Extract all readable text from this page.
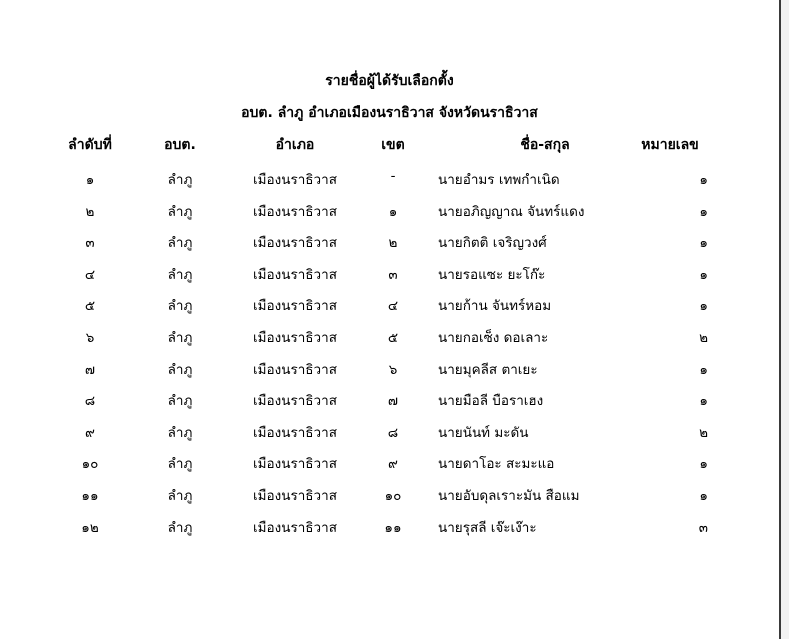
รายชื่อผู้ได้รับเลือกตั้ง
อบต. ลำภู อำเภอเมืองนราธิวาส จังหวัดนราธิวาส
ลำดับที่	อบต.	อำเภอ	เขต	ชื่อ-สกุล	หมายเลข
๑	ลำภู	เมืองนราธิวาส	-	นายอำมร เทพกำเนิด	๑
๒	ลำภู	เมืองนราธิวาส	๑	นายอภิญญาณ จันทร์แดง	๑
๓	ลำภู	เมืองนราธิวาส	๒	นายกิตติ เจริญวงศ์	๑
๔	ลำภู	เมืองนราธิวาส	๓	นายรอแซะ ยะโก๊ะ	๑
๕	ลำภู	เมืองนราธิวาส	๔	นายก้าน จันทร์หอม	๑
๖	ลำภู	เมืองนราธิวาส	๕	นายกอเซ็ง ดอเลาะ	๒
๗	ลำภู	เมืองนราธิวาส	๖	นายมุคลีส ตาเยะ	๑
๘	ลำภู	เมืองนราธิวาส	๗	นายมือลี บือราเฮง	๑
๙	ลำภู	เมืองนราธิวาส	๘	นายนันท์ มะดัน	๒
๑๐	ลำภู	เมืองนราธิวาส	๙	นายดาโอะ สะมะแอ	๑
๑๑	ลำภู	เมืองนราธิวาส	๑๐	นายอับดุลเราะมัน สือแม	๑
๑๒	ลำภู	เมืองนราธิวาส	๑๑	นายรุสลี เจ๊ะเง๊าะ	๓
